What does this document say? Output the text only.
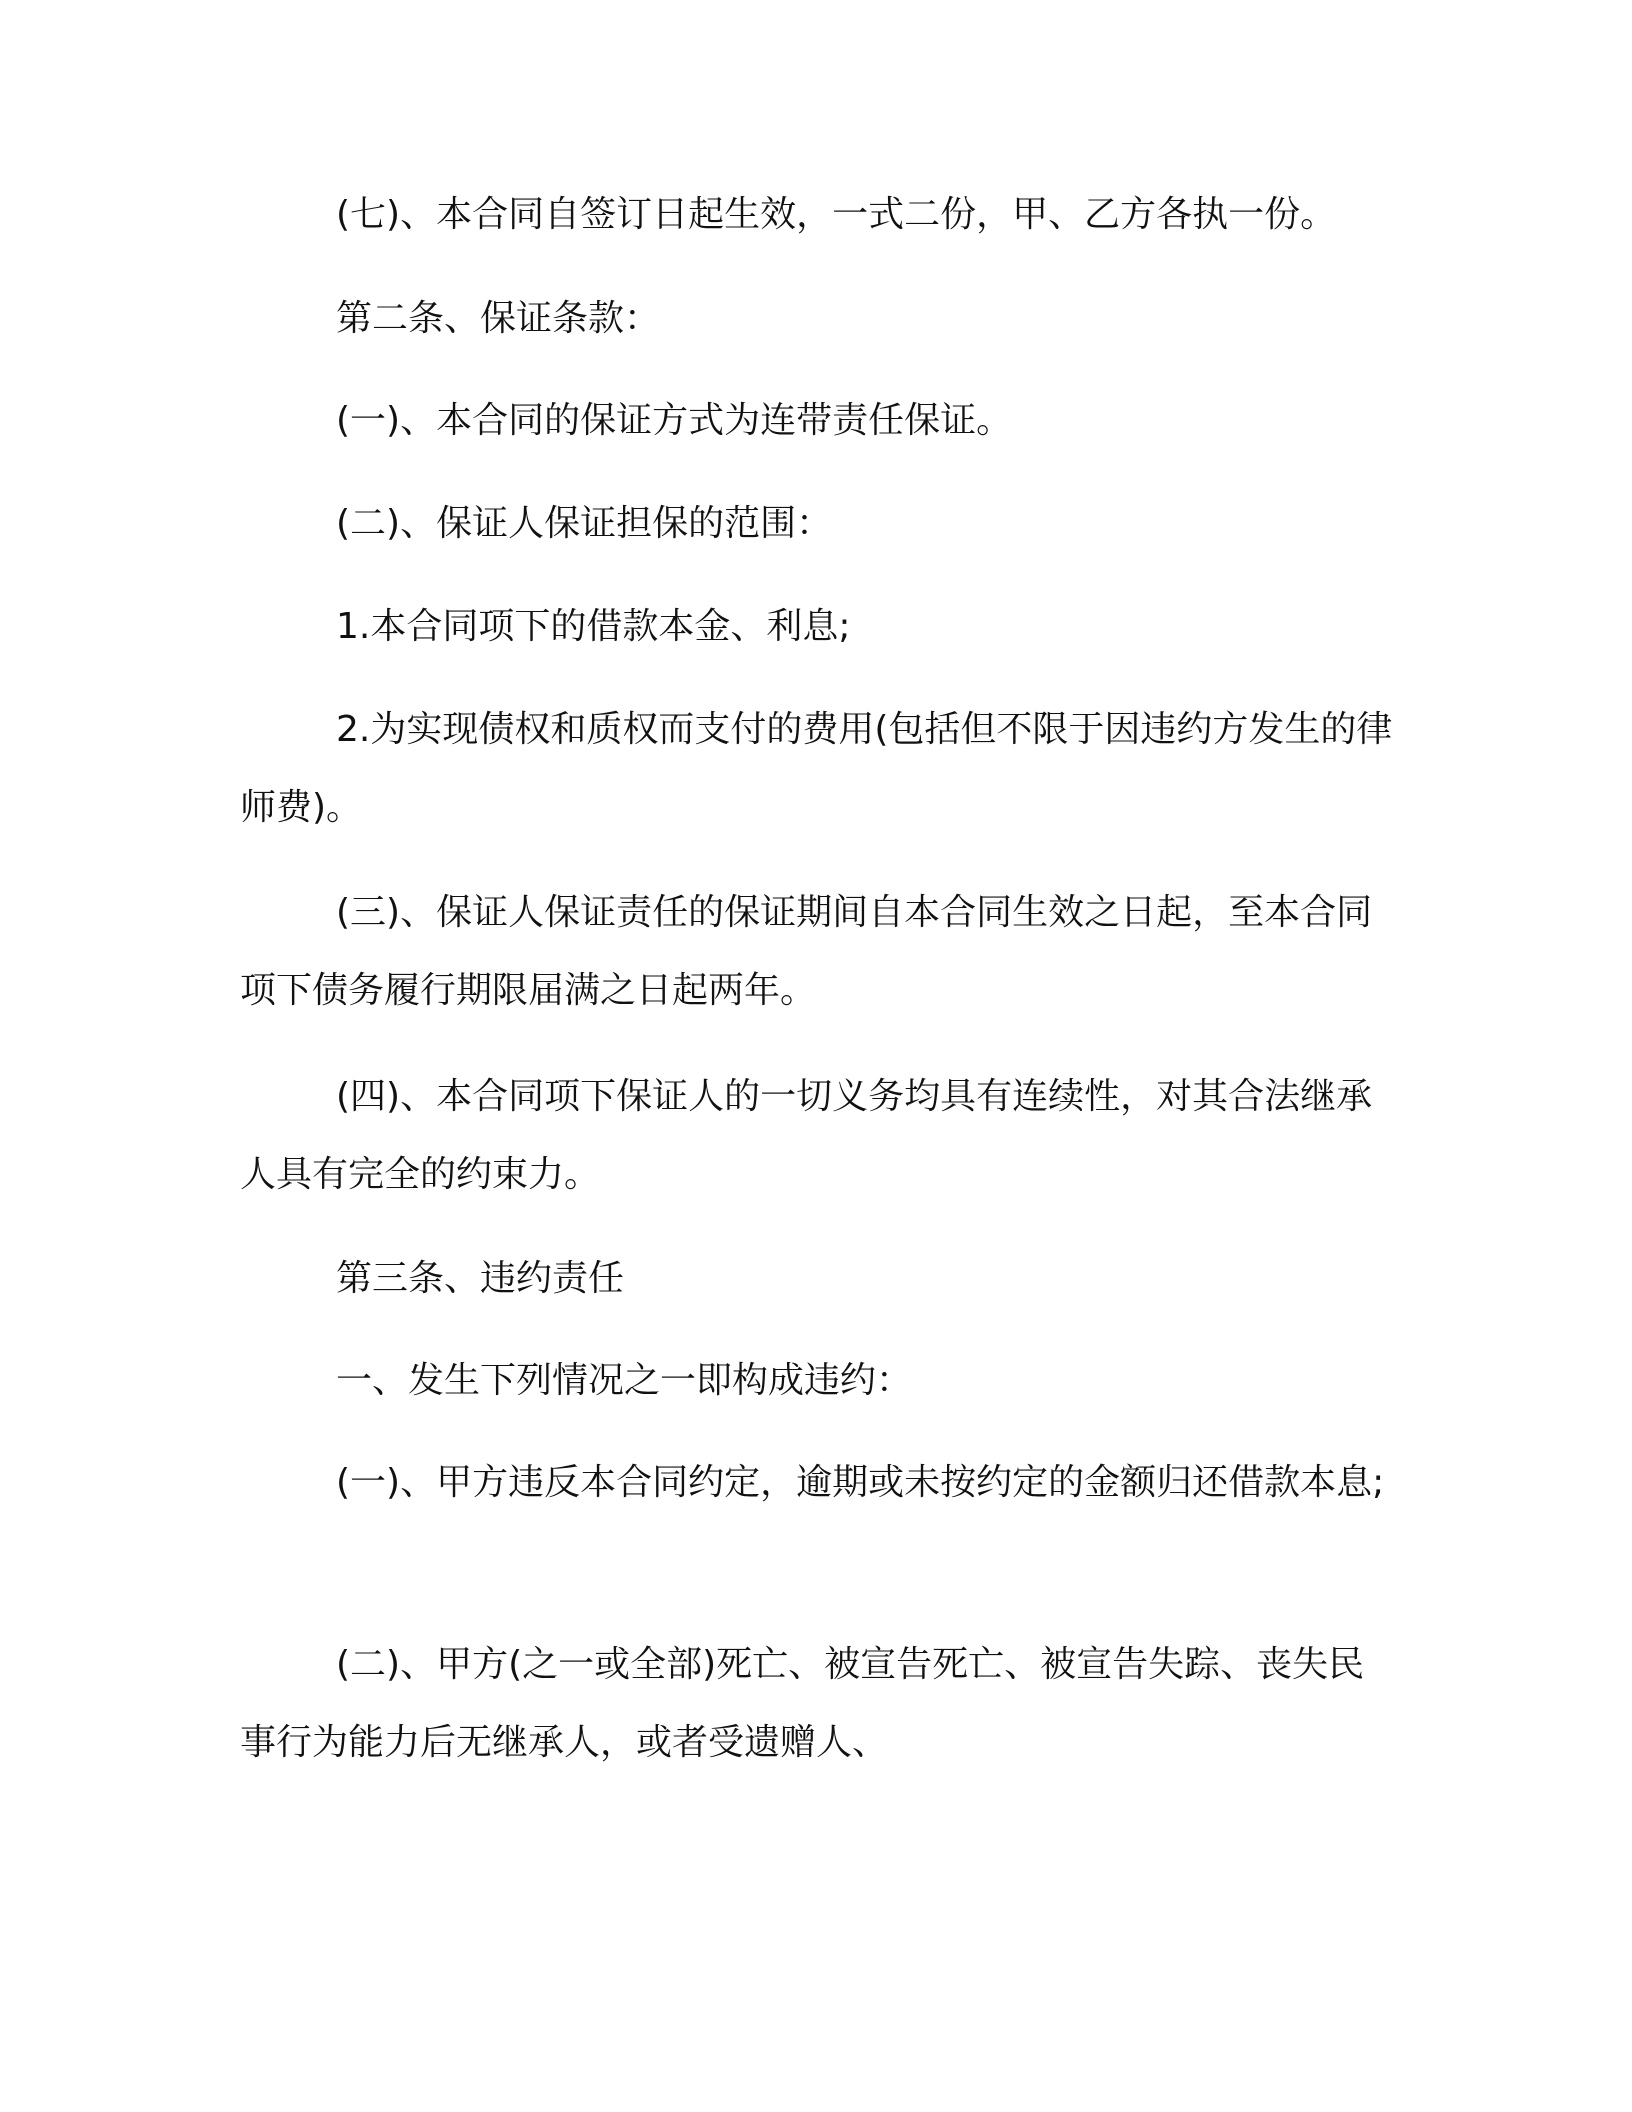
(七)、本合同自签订日起生效，一式二份，甲、乙方各执一份。

第二条、保证条款：

(一)、本合同的保证方式为连带责任保证。

(二)、保证人保证担保的范围：

1.本合同项下的借款本金、利息;

2.为实现债权和质权而支付的费用(包括但不限于因违约方发生的律师费)。

(三)、保证人保证责任的保证期间自本合同生效之日起，至本合同项下债务履行期限届满之日起两年。

(四)、本合同项下保证人的一切义务均具有连续性，对其合法继承人具有完全的约束力。

第三条、违约责任

一、发生下列情况之一即构成违约：

(一)、甲方违反本合同约定，逾期或未按约定的金额归还借款本息;

(二)、甲方(之一或全部)死亡、被宣告死亡、被宣告失踪、丧失民事行为能力后无继承人，或者受遗赠人、
